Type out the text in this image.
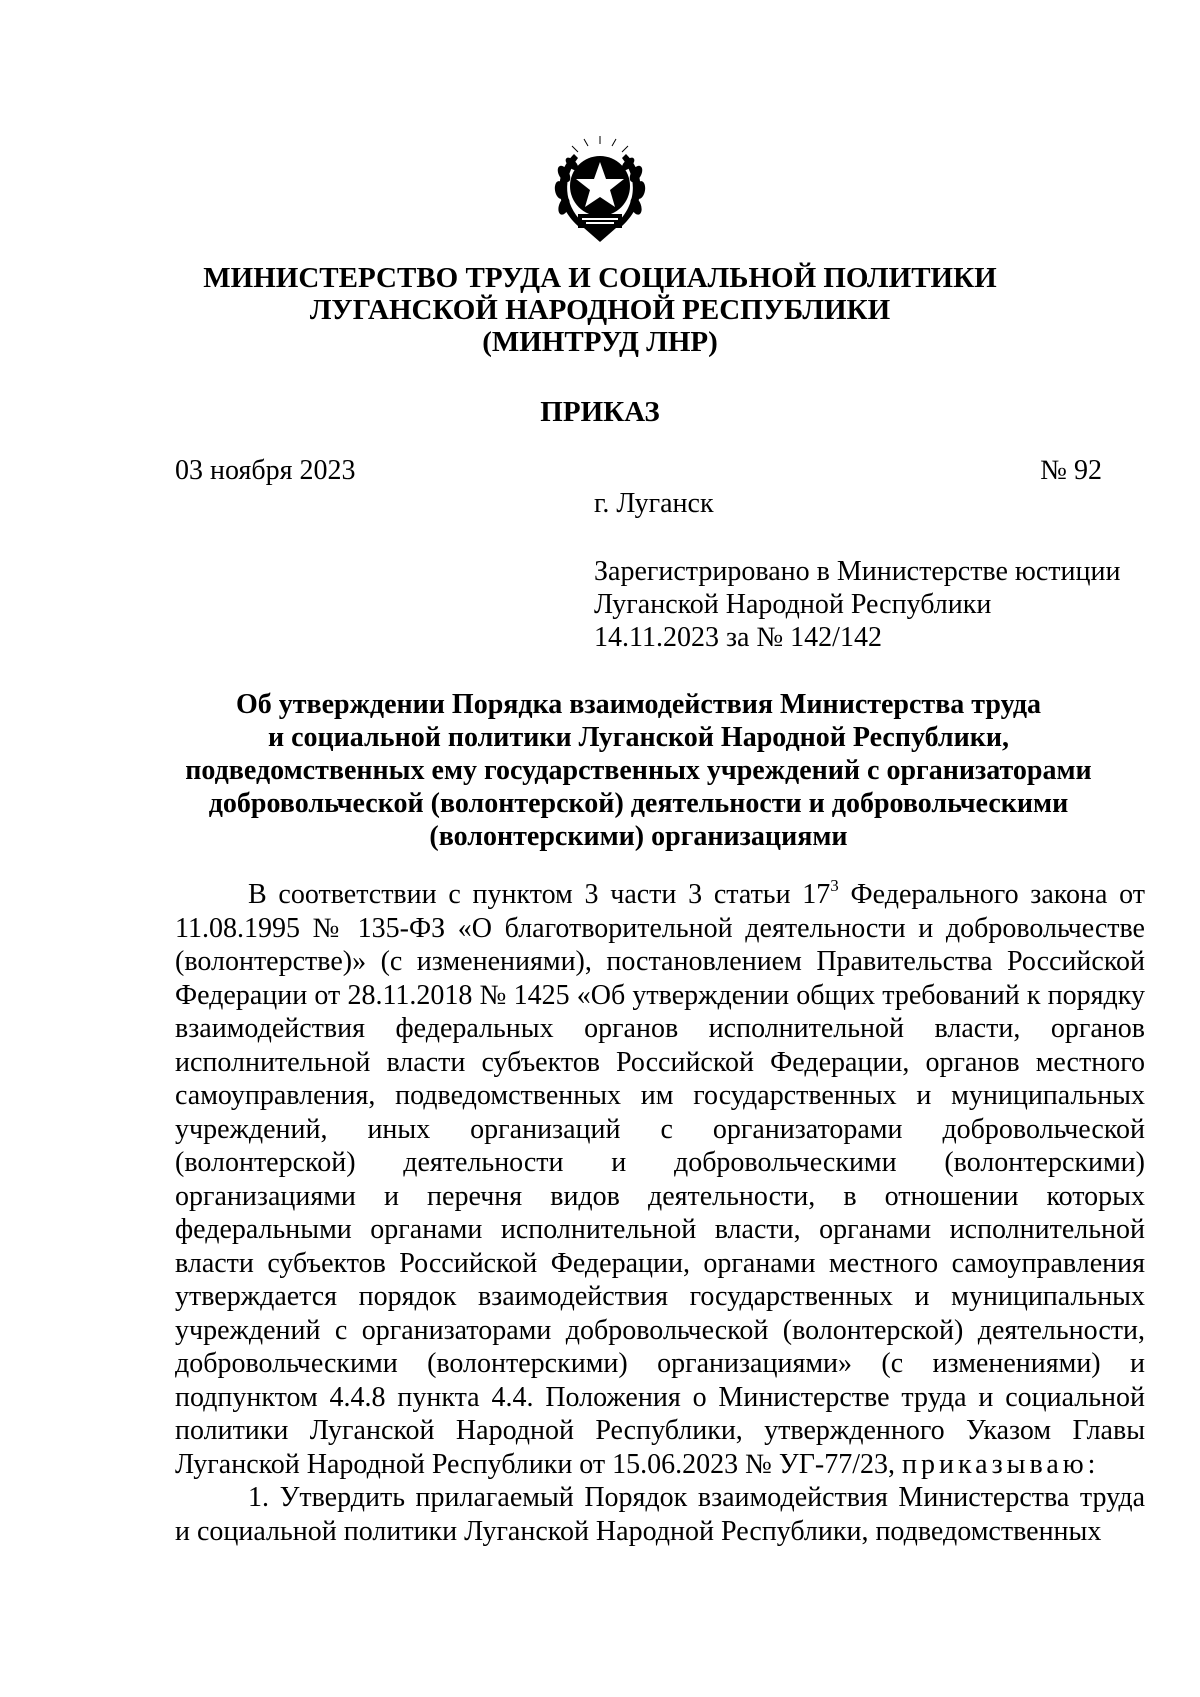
МИНИСТЕРСТВО ТРУДА И СОЦИАЛЬНОЙ ПОЛИТИКИ
ЛУГАНСКОЙ НАРОДНОЙ РЕСПУБЛИКИ
(МИНТРУД ЛНР)
ПРИКАЗ
03 ноября 2023	№ 92
г. Луганск
Зарегистрировано в Министерстве юстиции
Луганской Народной Республики
14.11.2023 за № 142/142
Об утверждении Порядка взаимодействия Министерства труда
и социальной политики Луганской Народной Республики,
подведомственных ему государственных учреждений с организаторами
добровольческой (волонтерской) деятельности и добровольческими
(волонтерскими) организациями

В соответствии с пунктом 3 части 3 статьи $17^3$ Федерального закона от 11.08.1995 № 135-ФЗ «О благотворительной деятельности и добровольчестве (волонтерстве)» (с изменениями), постановлением Правительства Российской Федерации от 28.11.2018 № 1425 «Об утверждении общих требований к порядку взаимодействия федеральных органов исполнительной власти, органов исполнительной власти субъектов Российской Федерации, органов местного самоуправления, подведомственных им государственных и муниципальных учреждений, иных организаций с организаторами добровольческой (волонтерской) деятельности и добровольческими (волонтерскими) организациями и перечня видов деятельности, в отношении которых федеральными органами исполнительной власти, органами исполнительной власти субъектов Российской Федерации, органами местного самоуправления утверждается порядок взаимодействия государственных и муниципальных учреждений с организаторами добровольческой (волонтерской) деятельности, добровольческими (волонтерскими) организациями» (с изменениями) и подпунктом 4.4.8 пункта 4.4. Положения о Министерстве труда и социальной политики Луганской Народной Республики, утвержденного Указом Главы Луганской Народной Республики от 15.06.2023 № УГ-77/23, приказываю:

1. Утвердить прилагаемый Порядок взаимодействия Министерства труда и социальной политики Луганской Народной Республики, подведомственных
